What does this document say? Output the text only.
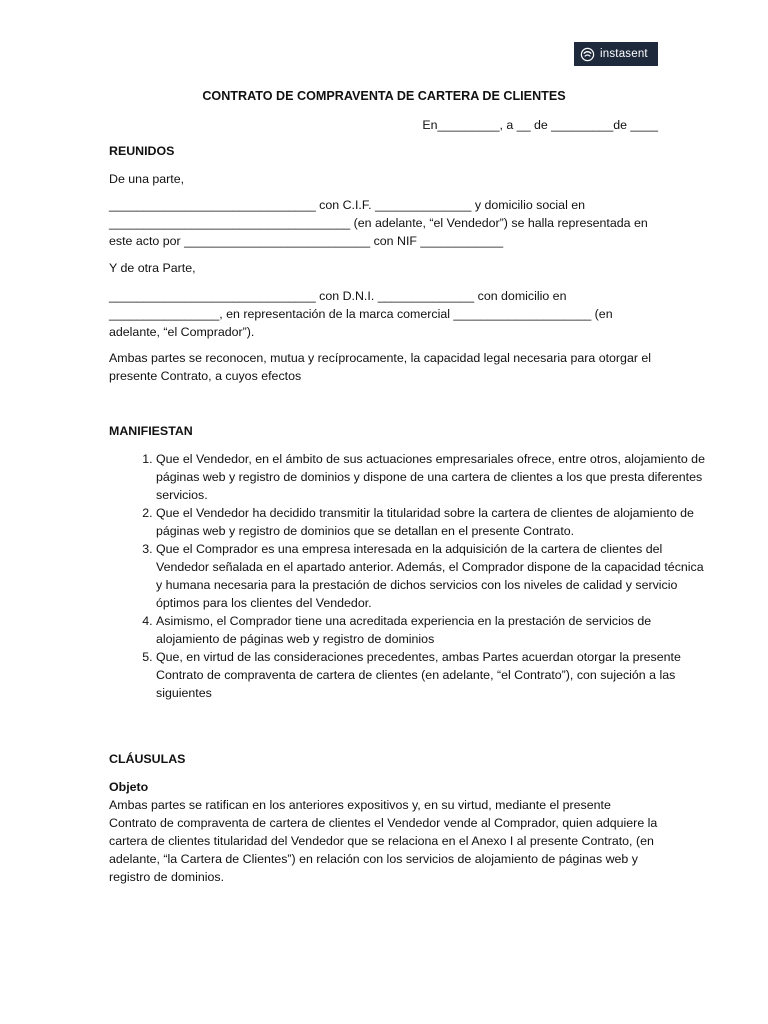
instasent
CONTRATO DE COMPRAVENTA DE CARTERA DE CLIENTES
En_________, a __ de _________de ____
REUNIDOS

De una parte,

______________________________ con C.I.F. ______________ y domicilio social en ___________________________________ (en adelante, “el Vendedor”) se halla representada en este acto por ___________________________ con NIF ____________

Y de otra Parte,

______________________________ con D.N.I. ______________ con domicilio en ________________, en representación de la marca comercial ____________________ (en adelante, “el Comprador”).

Ambas partes se reconocen, mutua y recíprocamente, la capacidad legal necesaria para otorgar el presente Contrato, a cuyos efectos

MANIFIESTAN
1. Que el Vendedor, en el ámbito de sus actuaciones empresariales ofrece, entre otros, alojamiento de páginas web y registro de dominios y dispone de una cartera de clientes a los que presta diferentes servicios.
2. Que el Vendedor ha decidido transmitir la titularidad sobre la cartera de clientes de alojamiento de páginas web y registro de dominios que se detallan en el presente Contrato.
3. Que el Comprador es una empresa interesada en la adquisición de la cartera de clientes del Vendedor señalada en el apartado anterior. Además, el Comprador dispone de la capacidad técnica y humana necesaria para la prestación de dichos servicios con los niveles de calidad y servicio óptimos para los clientes del Vendedor.
4. Asimismo, el Comprador tiene una acreditada experiencia en la prestación de servicios de alojamiento de páginas web y registro de dominios
5. Que, en virtud de las consideraciones precedentes, ambas Partes acuerdan otorgar la presente Contrato de compraventa de cartera de clientes (en adelante, “el Contrato”), con sujeción a las siguientes
CLÁUSULAS
Objeto

Ambas partes se ratifican en los anteriores expositivos y, en su virtud, mediante el presente Contrato de compraventa de cartera de clientes el Vendedor vende al Comprador, quien adquiere la cartera de clientes titularidad del Vendedor que se relaciona en el Anexo I al presente Contrato, (en adelante, “la Cartera de Clientes”) en relación con los servicios de alojamiento de páginas web y registro de dominios.
